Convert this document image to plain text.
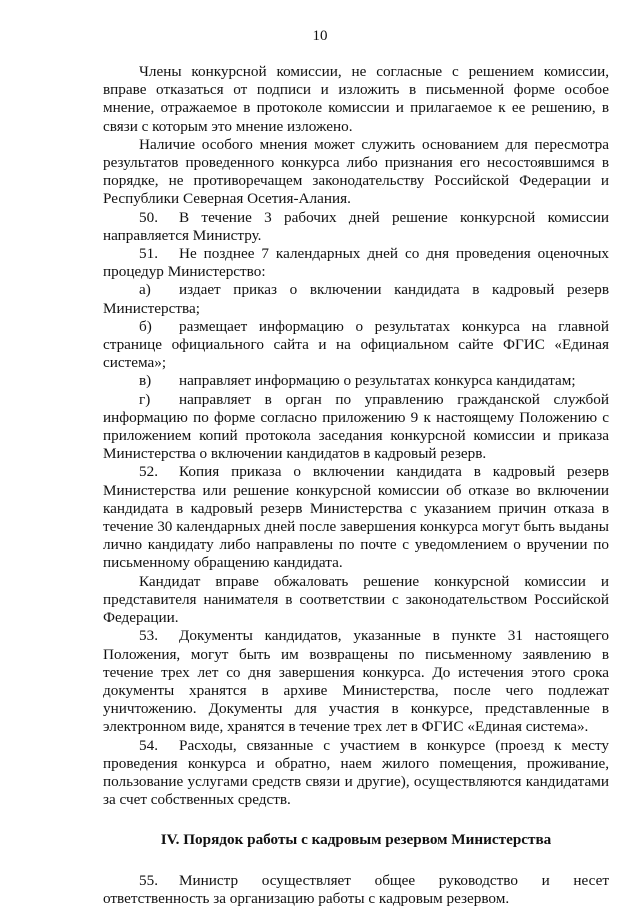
10

Члены конкурсной комиссии, не согласные с решением комиссии, вправе отказаться от подписи и изложить в письменной форме особое мнение, отражаемое в протоколе комиссии и прилагаемое к ее решению, в связи с которым это мнение изложено.

Наличие особого мнения может служить основанием для пересмотра результатов проведенного конкурса либо признания его несостоявшимся в порядке, не противоречащем законодательству Российской Федерации и Республики Северная Осетия-Алания.

50. В течение 3 рабочих дней решение конкурсной комиссии направляется Министру.

51. Не позднее 7 календарных дней со дня проведения оценочных процедур Министерство:

а) издает приказ о включении кандидата в кадровый резерв Министерства;

б) размещает информацию о результатах конкурса на главной странице официального сайта и на официальном сайте ФГИС «Единая система»;

в) направляет информацию о результатах конкурса кандидатам;

г) направляет в орган по управлению гражданской службой информацию по форме согласно приложению 9 к настоящему Положению с приложением копий протокола заседания конкурсной комиссии и приказа Министерства о включении кандидатов в кадровый резерв.

52. Копия приказа о включении кандидата в кадровый резерв Министерства или решение конкурсной комиссии об отказе во включении кандидата в кадровый резерв Министерства с указанием причин отказа в течение 30 календарных дней после завершения конкурса могут быть выданы лично кандидату либо направлены по почте с уведомлением о вручении по письменному обращению кандидата.

Кандидат вправе обжаловать решение конкурсной комиссии и представителя нанимателя в соответствии с законодательством Российской Федерации.

53. Документы кандидатов, указанные в пункте 31 настоящего Положения, могут быть им возвращены по письменному заявлению в течение трех лет со дня завершения конкурса. До истечения этого срока документы хранятся в архиве Министерства, после чего подлежат уничтожению. Документы для участия в конкурсе, представленные в электронном виде, хранятся в течение трех лет в ФГИС «Единая система».

54. Расходы, связанные с участием в конкурсе (проезд к месту проведения конкурса и обратно, наем жилого помещения, проживание, пользование услугами средств связи и другие), осуществляются кандидатами за счет собственных средств.

IV. Порядок работы с кадровым резервом Министерства

55. Министр осуществляет общее руководство и несет ответственность за организацию работы с кадровым резервом.
